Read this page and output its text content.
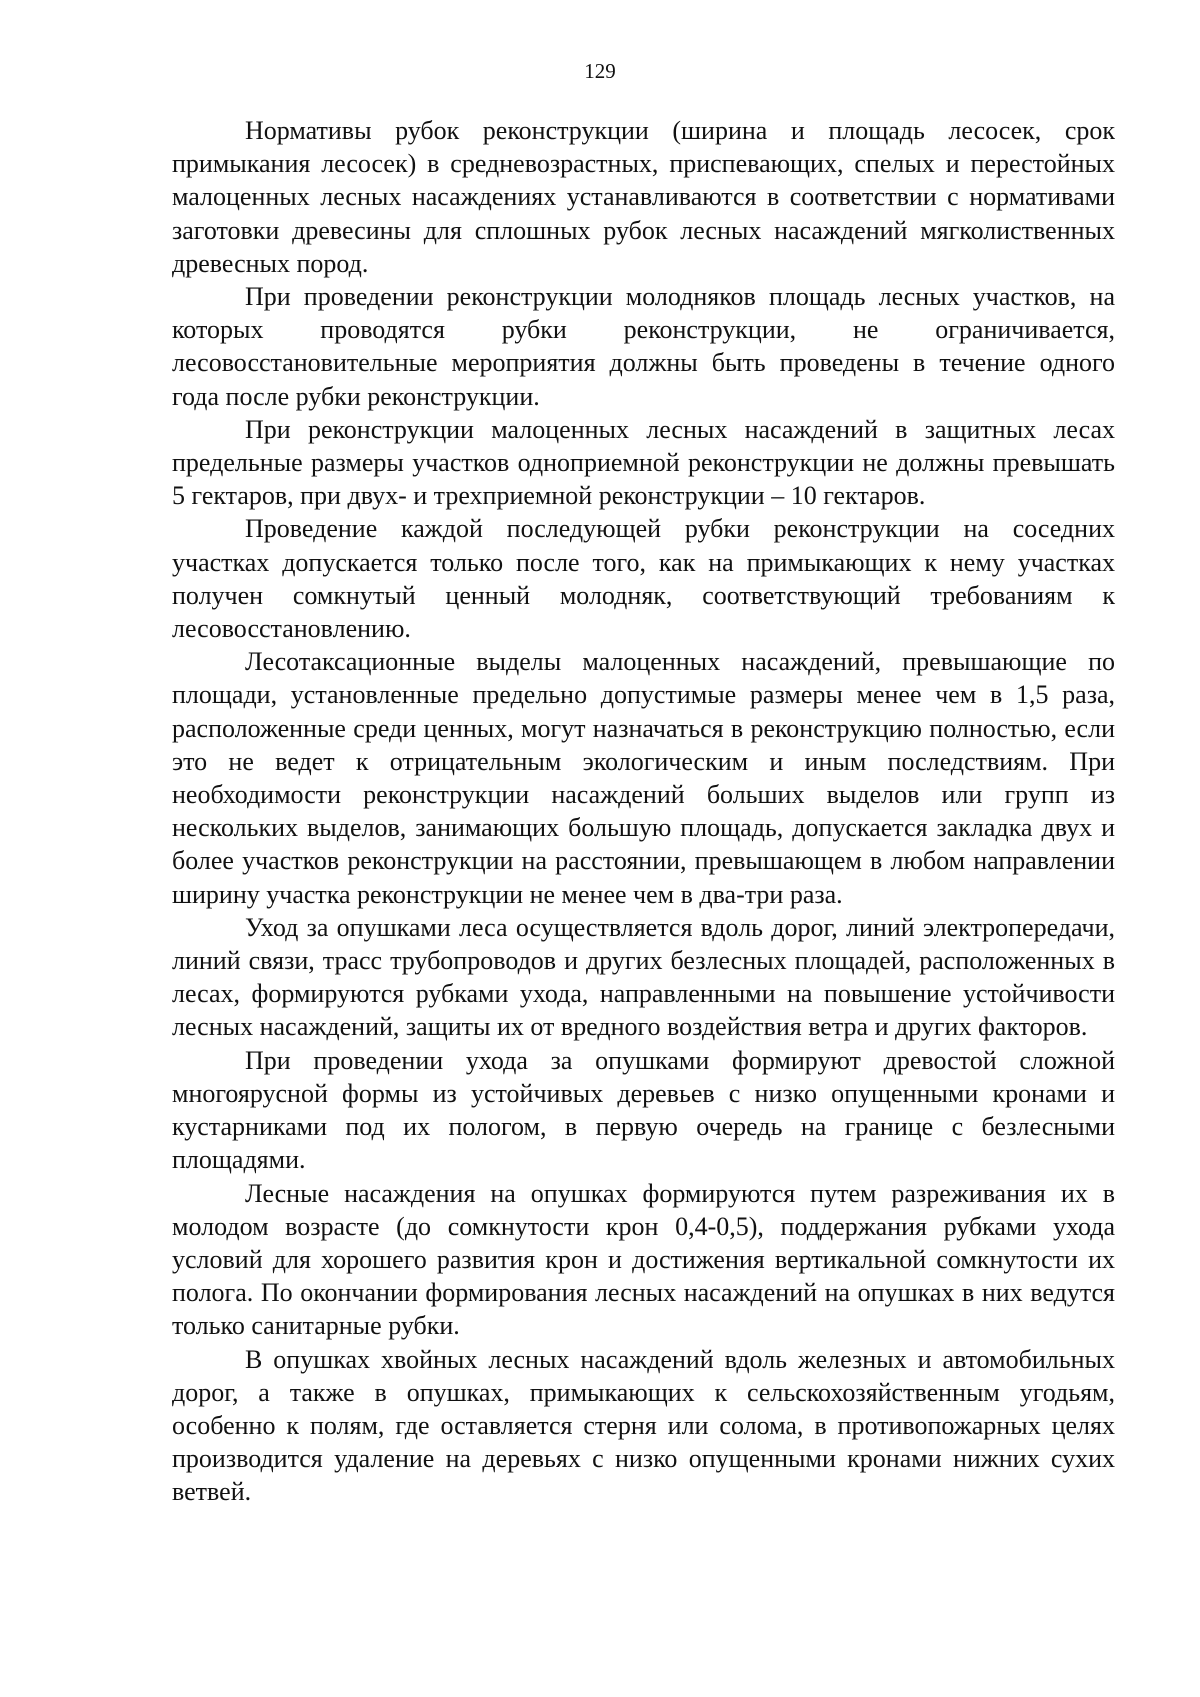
129

Нормативы рубок реконструкции (ширина и площадь лесосек, срок примыкания лесосек) в средневозрастных, приспевающих, спелых и перестойных малоценных лесных насаждениях устанавливаются в соответствии с нормативами заготовки древесины для сплошных рубок лесных насаждений мягколиственных древесных пород.

При проведении реконструкции молодняков площадь лесных участков, на которых проводятся рубки реконструкции, не ограничивается, лесовосстановительные мероприятия должны быть проведены в течение одного года после рубки реконструкции.

При реконструкции малоценных лесных насаждений в защитных лесах предельные размеры участков одноприемной реконструкции не должны превышать 5 гектаров, при двух- и трехприемной реконструкции – 10 гектаров.

Проведение каждой последующей рубки реконструкции на соседних участках допускается только после того, как на примыкающих к нему участках получен сомкнутый ценный молодняк, соответствующий требованиям к лесовосстановлению.

Лесотаксационные выделы малоценных насаждений, превышающие по площади, установленные предельно допустимые размеры менее чем в 1,5 раза, расположенные среди ценных, могут назначаться в реконструкцию полностью, если это не ведет к отрицательным экологическим и иным последствиям. При необходимости реконструкции насаждений больших выделов или групп из нескольких выделов, занимающих большую площадь, допускается закладка двух и более участков реконструкции на расстоянии, превышающем в любом направлении ширину участка реконструкции не менее чем в два-три раза.

Уход за опушками леса осуществляется вдоль дорог, линий электропередачи, линий связи, трасс трубопроводов и других безлесных площадей, расположенных в лесах, формируются рубками ухода, направленными на повышение устойчивости лесных насаждений, защиты их от вредного воздействия ветра и других факторов.

При проведении ухода за опушками формируют древостой сложной многоярусной формы из устойчивых деревьев с низко опущенными кронами и кустарниками под их пологом, в первую очередь на границе с безлесными площадями.

Лесные насаждения на опушках формируются путем разреживания их в молодом возрасте (до сомкнутости крон 0,4-0,5), поддержания рубками ухода условий для хорошего развития крон и достижения вертикальной сомкнутости их полога. По окончании формирования лесных насаждений на опушках в них ведутся только санитарные рубки.

В опушках хвойных лесных насаждений вдоль железных и автомобильных дорог, а также в опушках, примыкающих к сельскохозяйственным угодьям, особенно к полям, где оставляется стерня или солома, в противопожарных целях производится удаление на деревьях с низко опущенными кронами нижних сухих ветвей.
